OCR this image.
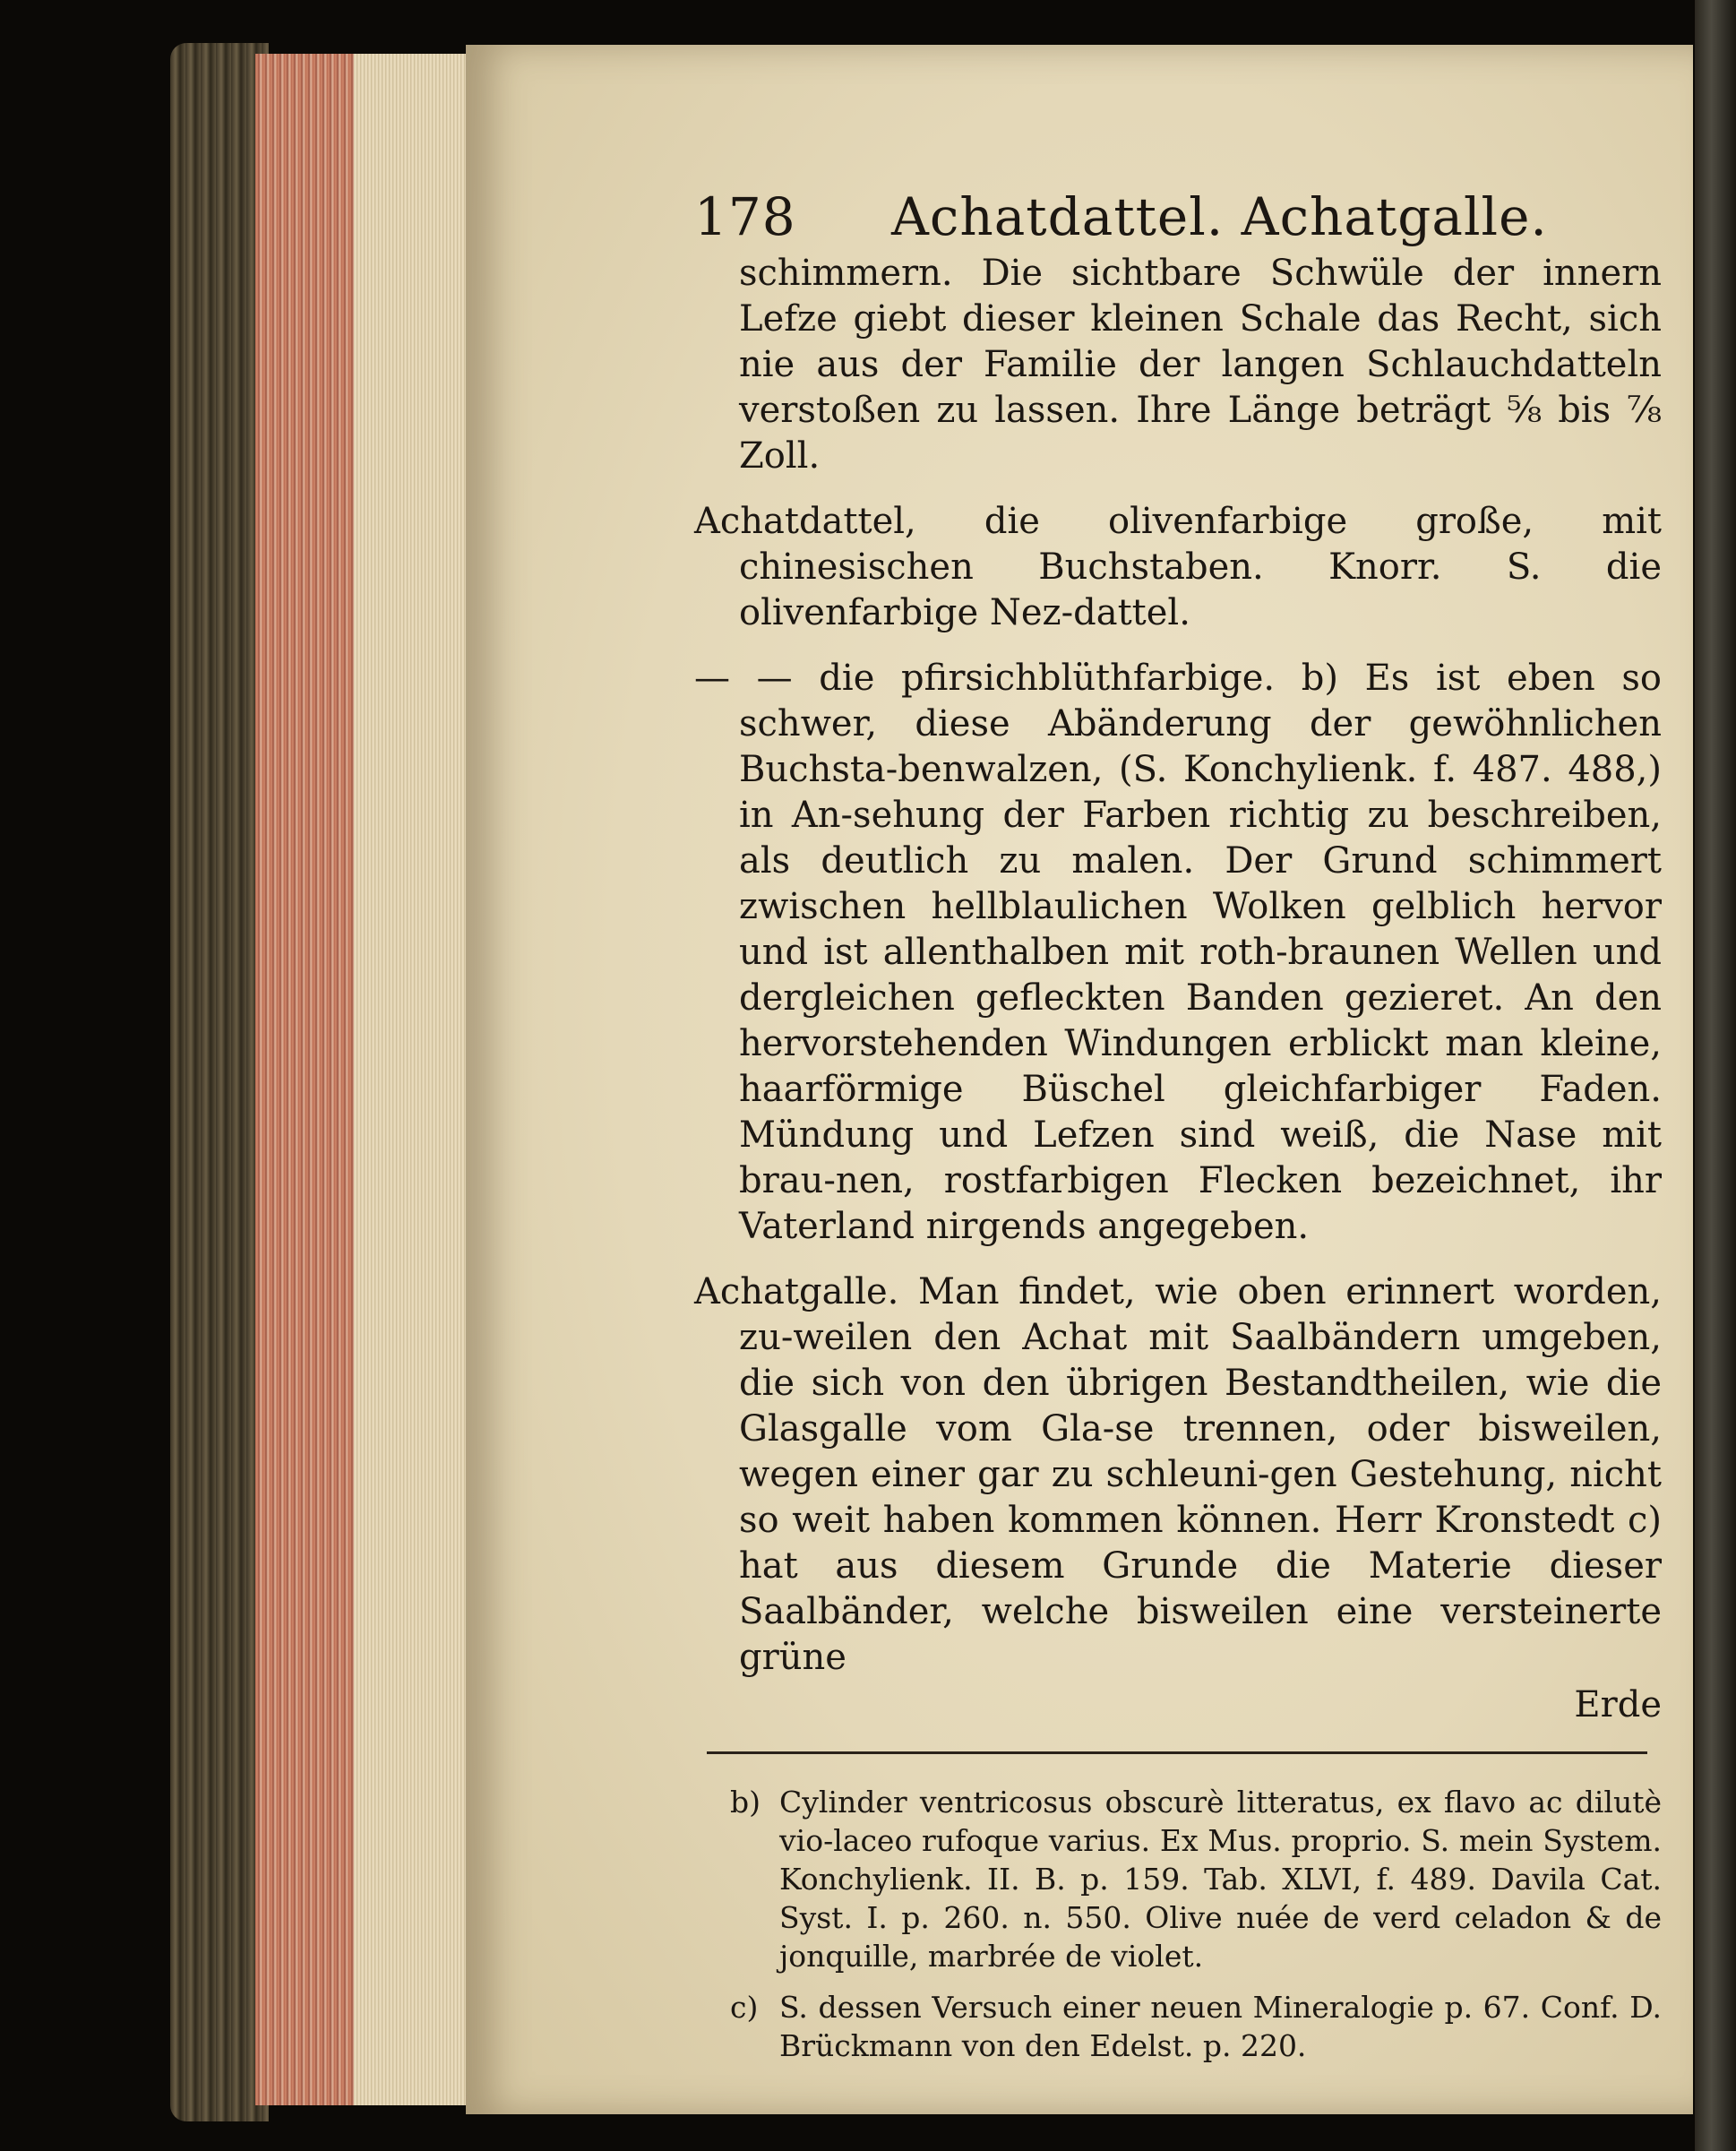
178 Achatdattel. Achatgalle.

schimmern. Die sichtbare Schwüle der innern Lefze giebt dieser kleinen Schale das Recht, sich nie aus der Familie der langen Schlauchdatteln verstoßen zu lassen. Ihre Länge beträgt ⅝ bis ⅞ Zoll.

Achatdattel, die olivenfarbige große, mit chinesischen Buchstaben. Knorr. S. die olivenfarbige Nez-dattel.

— — die pfirsichblüthfarbige. b) Es ist eben so schwer, diese Abänderung der gewöhnlichen Buchsta-benwalzen, (S. Konchylienk. f. 487. 488,) in An-sehung der Farben richtig zu beschreiben, als deutlich zu malen. Der Grund schimmert zwischen hellblaulichen Wolken gelblich hervor und ist allenthalben mit roth-braunen Wellen und dergleichen gefleckten Banden gezieret. An den hervorstehenden Windungen erblickt man kleine, haarförmige Büschel gleichfarbiger Faden. Mündung und Lefzen sind weiß, die Nase mit brau-nen, rostfarbigen Flecken bezeichnet, ihr Vaterland nirgends angegeben.

Achatgalle. Man findet, wie oben erinnert worden, zu-weilen den Achat mit Saalbändern umgeben, die sich von den übrigen Bestandtheilen, wie die Glasgalle vom Gla-se trennen, oder bisweilen, wegen einer gar zu schleuni-gen Gestehung, nicht so weit haben kommen können. Herr Kronstedt c) hat aus diesem Grunde die Materie dieser Saalbänder, welche bisweilen eine versteinerte grüne

Erde

b) Cylinder ventricosus obscurè litteratus, ex flavo ac dilutè vio-laceo rufoque varius. Ex Mus. proprio. S. mein System. Konchylienk. II. B. p. 159. Tab. XLVI, f. 489. Davila Cat. Syst. I. p. 260. n. 550. Olive nuée de verd celadon & de jonquille, marbrée de violet.

c) S. dessen Versuch einer neuen Mineralogie p. 67. Conf. D. Brückmann von den Edelst. p. 220.
